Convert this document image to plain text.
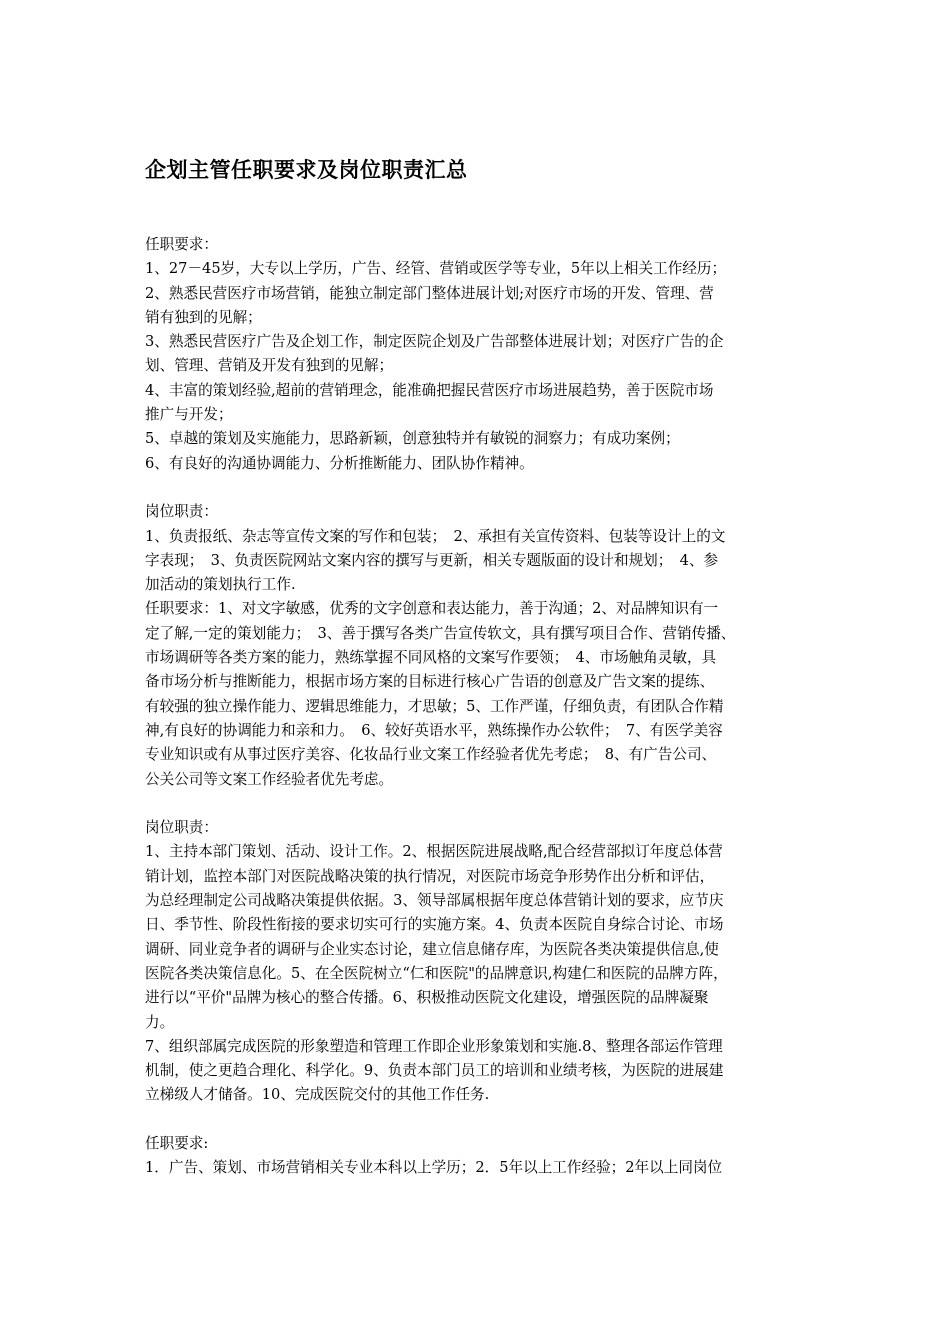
企划主管任职要求及岗位职责汇总
任职要求：
1、27－45岁，大专以上学历，广告、经管、营销或医学等专业，5年以上相关工作经历；
2、熟悉民营医疗市场营销，能独立制定部门整体进展计划;对医疗市场的开发、管理、营
销有独到的见解；
3、熟悉民营医疗广告及企划工作，制定医院企划及广告部整体进展计划；对医疗广告的企
划、管理、营销及开发有独到的见解；
4、丰富的策划经验,超前的营销理念，能准确把握民营医疗市场进展趋势，善于医院市场
推广与开发；
5、卓越的策划及实施能力，思路新颖，创意独特并有敏锐的洞察力；有成功案例；
6、有良好的沟通协调能力、分析推断能力、团队协作精神。
岗位职责：
1、负责报纸、杂志等宣传文案的写作和包装；　2、承担有关宣传资料、包装等设计上的文
字表现；　3、负责医院网站文案内容的撰写与更新，相关专题版面的设计和规划；　4、参
加活动的策划执行工作.
任职要求：1、对文字敏感，优秀的文字创意和表达能力，善于沟通；2、对品牌知识有一
定了解,一定的策划能力；　3、善于撰写各类广告宣传软文，具有撰写项目合作、营销传播、
市场调研等各类方案的能力，熟练掌握不同风格的文案写作要领；　4、市场触角灵敏，具
备市场分析与推断能力，根据市场方案的目标进行核心广告语的创意及广告文案的提练、
有较强的独立操作能力、逻辑思维能力，才思敏；5、工作严谨，仔细负责，有团队合作精
神,有良好的协调能力和亲和力。　6、较好英语水平，熟练操作办公软件；　7、有医学美容
专业知识或有从事过医疗美容、化妆品行业文案工作经验者优先考虑；　8、有广告公司、
公关公司等文案工作经验者优先考虑。
岗位职责：
1、主持本部门策划、活动、设计工作。2、根据医院进展战略,配合经营部拟订年度总体营
销计划，监控本部门对医院战略决策的执行情况，对医院市场竞争形势作出分析和评估，
为总经理制定公司战略决策提供依据。3、领导部属根据年度总体营销计划的要求，应节庆
日、季节性、阶段性衔接的要求切实可行的实施方案。4、负责本医院自身综合讨论、市场
调研、同业竞争者的调研与企业实态讨论，建立信息储存库，为医院各类决策提供信息,使
医院各类决策信息化。5、在全医院树立“仁和医院"的品牌意识,构建仁和医院的品牌方阵，
进行以“平价"品牌为核心的整合传播。6、积极推动医院文化建设，增强医院的品牌凝聚
力。
7、组织部属完成医院的形象塑造和管理工作即企业形象策划和实施.8、整理各部运作管理
机制，使之更趋合理化、科学化。9、负责本部门员工的培训和业绩考核，为医院的进展建
立梯级人才储备。10、完成医院交付的其他工作任务.
任职要求:
1．广告、策划、市场营销相关专业本科以上学历；2．5年以上工作经验；2年以上同岗位
